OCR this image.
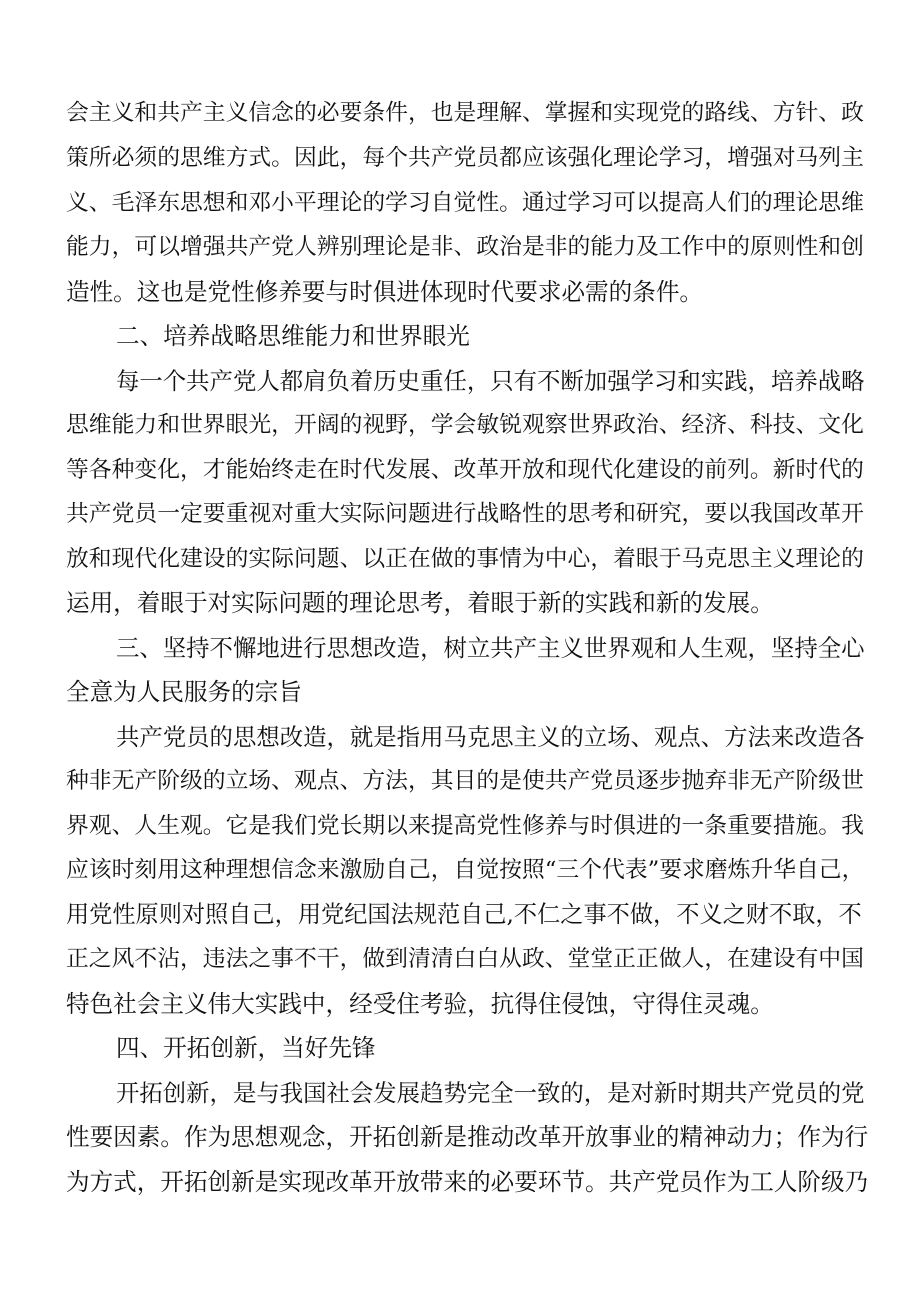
会主义和共产主义信念的必要条件，也是理解、掌握和实现党的路线、方针、政
策所必须的思维方式。因此，每个共产党员都应该强化理论学习，增强对马列主
义、毛泽东思想和邓小平理论的学习自觉性。通过学习可以提高人们的理论思维
能力，可以增强共产党人辨别理论是非、政治是非的能力及工作中的原则性和创
造性。这也是党性修养要与时俱进体现时代要求必需的条件。
二、培养战略思维能力和世界眼光
每一个共产党人都肩负着历史重任，只有不断加强学习和实践，培养战略
思维能力和世界眼光，开阔的视野，学会敏锐观察世界政治、经济、科技、文化
等各种变化，才能始终走在时代发展、改革开放和现代化建设的前列。新时代的
共产党员一定要重视对重大实际问题进行战略性的思考和研究，要以我国改革开
放和现代化建设的实际问题、以正在做的事情为中心，着眼于马克思主义理论的
运用，着眼于对实际问题的理论思考，着眼于新的实践和新的发展。
三、坚持不懈地进行思想改造，树立共产主义世界观和人生观，坚持全心
全意为人民服务的宗旨
共产党员的思想改造，就是指用马克思主义的立场、观点、方法来改造各
种非无产阶级的立场、观点、方法，其目的是使共产党员逐步抛弃非无产阶级世
界观、人生观。它是我们党长期以来提高党性修养与时俱进的一条重要措施。我
应该时刻用这种理想信念来激励自己，自觉按照“三个代表”要求磨炼升华自己，
用党性原则对照自己，用党纪国法规范自己,不仁之事不做，不义之财不取，不
正之风不沾，违法之事不干，做到清清白白从政、堂堂正正做人，在建设有中国
特色社会主义伟大实践中，经受住考验，抗得住侵蚀，守得住灵魂。
四、开拓创新，当好先锋
开拓创新，是与我国社会发展趋势完全一致的，是对新时期共产党员的党
性要因素。作为思想观念，开拓创新是推动改革开放事业的精神动力；作为行
为方式，开拓创新是实现改革开放带来的必要环节。共产党员作为工人阶级乃
